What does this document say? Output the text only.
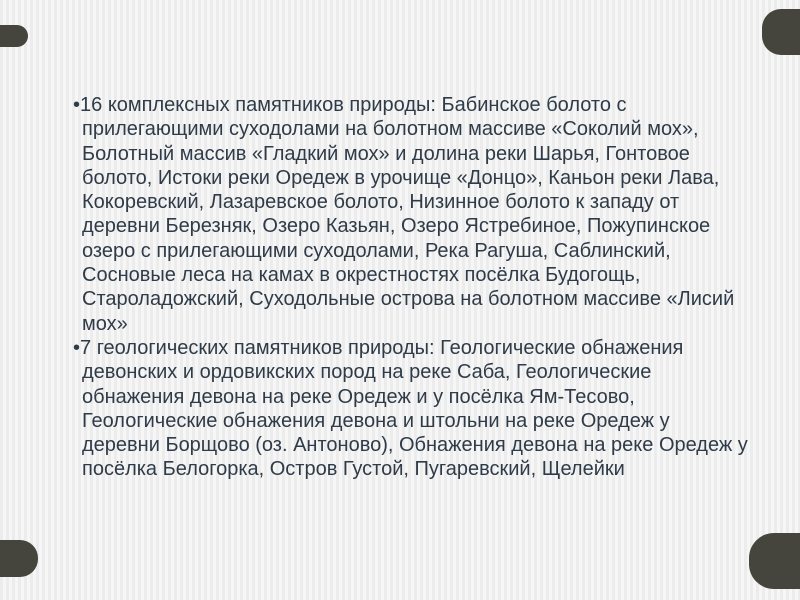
•16 комплексных памятников природы: Бабинское болото с прилегающими суходолами на болотном массиве «Соколий мох», Болотный массив «Гладкий мох» и долина реки Шарья, Гонтовое болото, Истоки реки Оредеж в урочище «Донцо», Каньон реки Лава, Кокоревский, Лазаревское болото, Низинное болото к западу от деревни Березняк, Озеро Казьян, Озеро Ястребиное, Пожупинское озеро с прилегающими суходолами, Река Рагуша, Саблинский, Сосновые леса на камах в окрестностях посёлка Будогощь, Староладожский, Суходольные острова на болотном массиве «Лисий мох»
•7 геологических памятников природы: Геологические обнажения девонских и ордовикских пород на реке Саба, Геологические обнажения девона на реке Оредеж и у посёлка Ям-Тесово, Геологические обнажения девона и штольни на реке Оредеж у деревни Борщово (оз. Антоново), Обнажения девона на реке Оредеж у посёлка Белогорка, Остров Густой, Пугаревский, Щелейки
